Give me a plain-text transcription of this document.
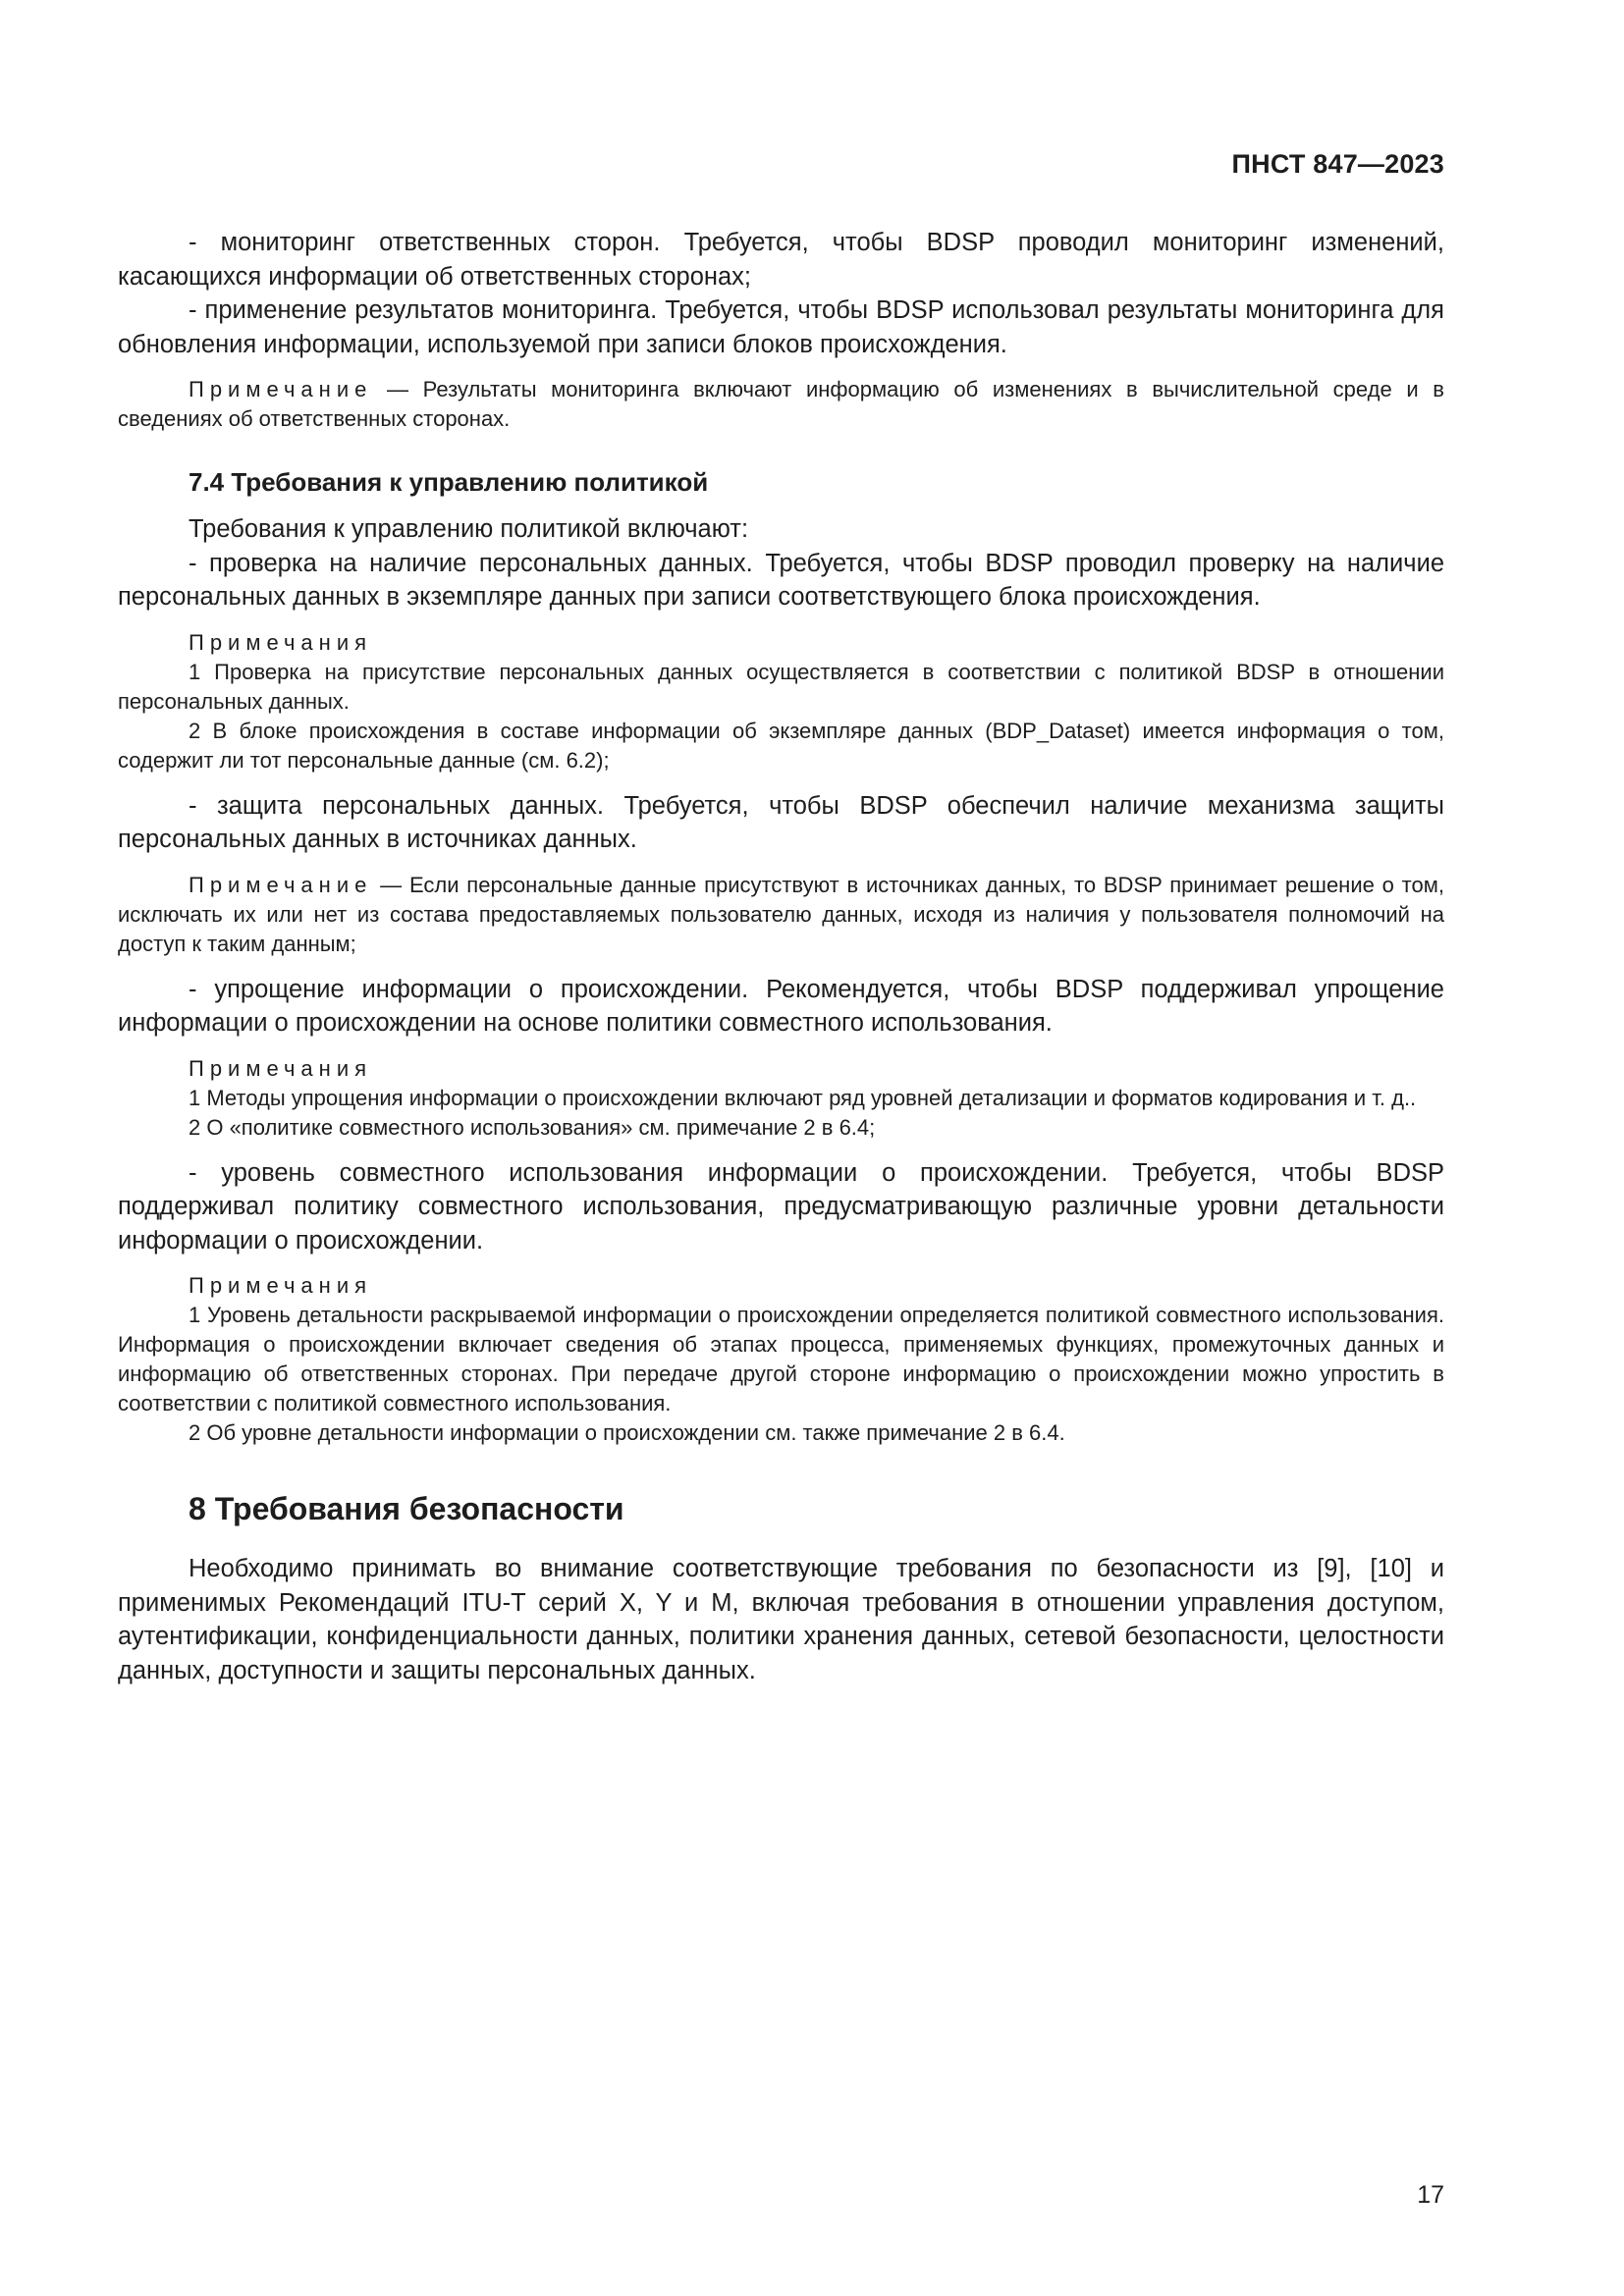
ПНСТ 847—2023

- мониторинг ответственных сторон. Требуется, чтобы BDSP проводил мониторинг изменений, касающихся информации об ответственных сторонах;

- применение результатов мониторинга. Требуется, чтобы BDSP использовал результаты мониторинга для обновления информации, используемой при записи блоков происхождения.

Примечание — Результаты мониторинга включают информацию об изменениях в вычислительной среде и в сведениях об ответственных сторонах.

7.4 Требования к управлению политикой

Требования к управлению политикой включают:

- проверка на наличие персональных данных. Требуется, чтобы BDSP проводил проверку на наличие персональных данных в экземпляре данных при записи соответствующего блока происхождения.

Примечания

1 Проверка на присутствие персональных данных осуществляется в соответствии с политикой BDSP в отношении персональных данных.

2 В блоке происхождения в составе информации об экземпляре данных (BDP_Dataset) имеется информация о том, содержит ли тот персональные данные (см. 6.2);

- защита персональных данных. Требуется, чтобы BDSP обеспечил наличие механизма защиты персональных данных в источниках данных.

Примечание — Если персональные данные присутствуют в источниках данных, то BDSP принимает решение о том, исключать их или нет из состава предоставляемых пользователю данных, исходя из наличия у пользователя полномочий на доступ к таким данным;

- упрощение информации о происхождении. Рекомендуется, чтобы BDSP поддерживал упрощение информации о происхождении на основе политики совместного использования.

Примечания

1 Методы упрощения информации о происхождении включают ряд уровней детализации и форматов кодирования и т. д..

2 О «политике совместного использования» см. примечание 2 в 6.4;

- уровень совместного использования информации о происхождении. Требуется, чтобы BDSP поддерживал политику совместного использования, предусматривающую различные уровни детальности информации о происхождении.

Примечания

1 Уровень детальности раскрываемой информации о происхождении определяется политикой совместного использования. Информация о происхождении включает сведения об этапах процесса, применяемых функциях, промежуточных данных и информацию об ответственных сторонах. При передаче другой стороне информацию о происхождении можно упростить в соответствии с политикой совместного использования.

2 Об уровне детальности информации о происхождении см. также примечание 2 в 6.4.

8 Требования безопасности

Необходимо принимать во внимание соответствующие требования по безопасности из [9], [10] и применимых Рекомендаций ITU-T серий X, Y и M, включая требования в отношении управления доступом, аутентификации, конфиденциальности данных, политики хранения данных, сетевой безопасности, целостности данных, доступности и защиты персональных данных.

17
